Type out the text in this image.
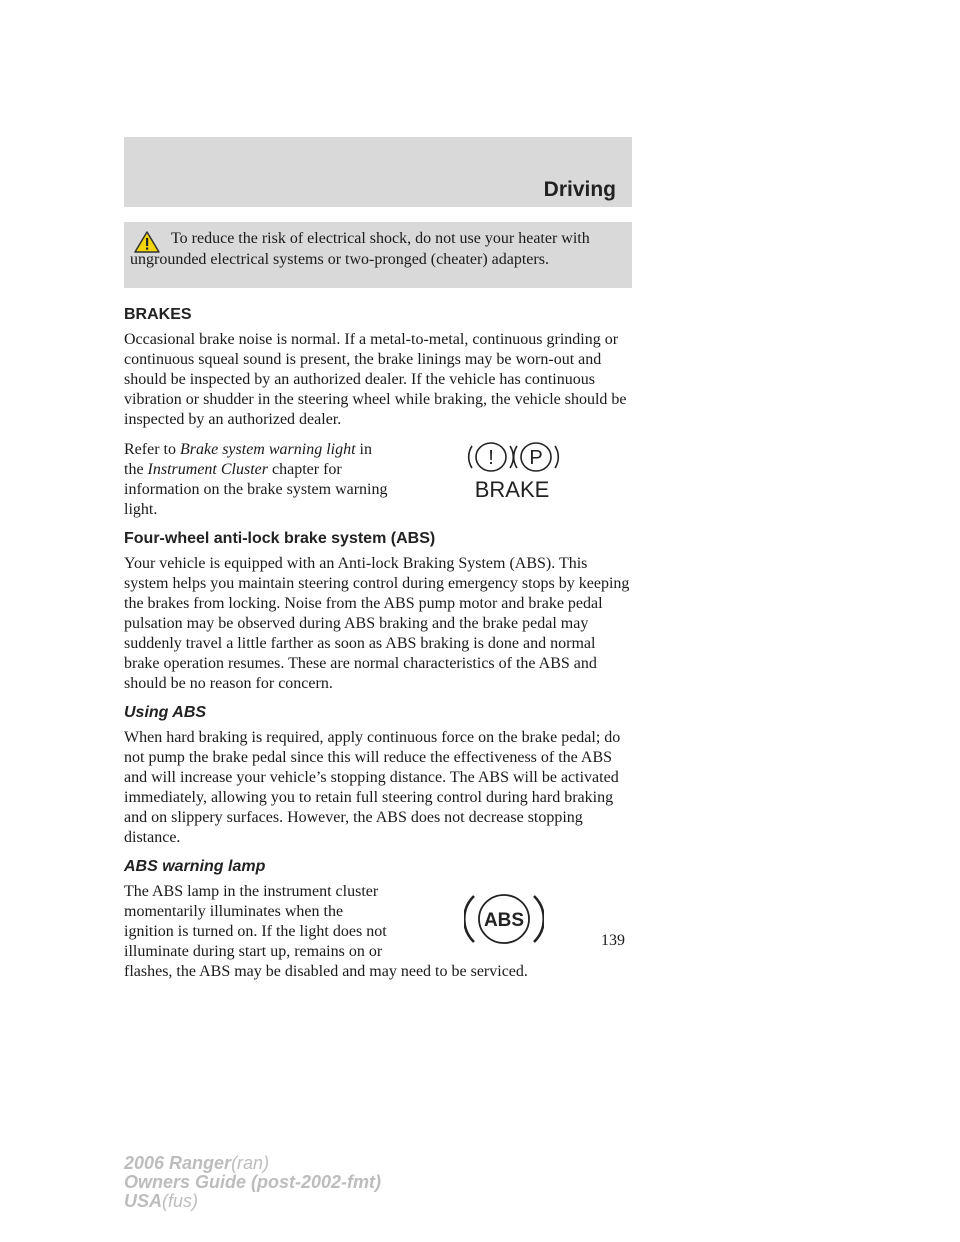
Driving

To reduce the risk of electrical shock, do not use your heater with ungrounded electrical systems or two-pronged (cheater) adapters.

BRAKES

Occasional brake noise is normal. If a metal-to-metal, continuous grinding or continuous squeal sound is present, the brake linings may be worn-out and should be inspected by an authorized dealer. If the vehicle has continuous vibration or shudder in the steering wheel while braking, the vehicle should be inspected by an authorized dealer.

Refer to Brake system warning light in the Instrument Cluster chapter for information on the brake system warning light.

! P
BRAKE
Four-wheel anti-lock brake system (ABS)

Your vehicle is equipped with an Anti-lock Braking System (ABS). This system helps you maintain steering control during emergency stops by keeping the brakes from locking. Noise from the ABS pump motor and brake pedal pulsation may be observed during ABS braking and the brake pedal may suddenly travel a little farther as soon as ABS braking is done and normal brake operation resumes. These are normal characteristics of the ABS and should be no reason for concern.

Using ABS

When hard braking is required, apply continuous force on the brake pedal; do not pump the brake pedal since this will reduce the effectiveness of the ABS and will increase your vehicle’s stopping distance. The ABS will be activated immediately, allowing you to retain full steering control during hard braking and on slippery surfaces. However, the ABS does not decrease stopping distance.

ABS warning lamp

The ABS lamp in the instrument cluster momentarily illuminates when the ignition is turned on. If the light does not illuminate during start up, remains on or flashes, the ABS may be disabled and may need to be serviced.

ABS
139
2006 Ranger(ran)
Owners Guide (post-2002-fmt)
USA(fus)
